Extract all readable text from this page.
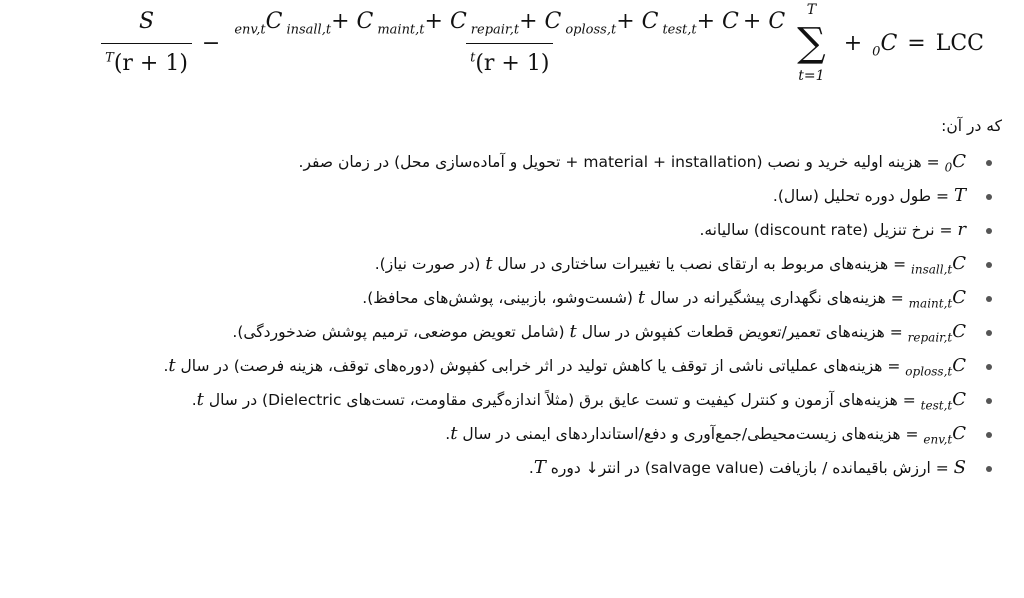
$\frac{S}{^T(r + 1)}$ −
$_{env,t}$C $_{insall,t}$+ C $_{maint,t}$+ C $_{repair,t}$+ C $_{oploss,t}$+ C $_{test,t}$+ C + C
$^t$(r + 1)
T
∑
t=1
+ $_0$C = LCC
که در آن:
$_0$C = هزینه اولیه خرید و نصب (material + installation + تحویل و آماده‌سازی محل) در زمان صفر.
T = طول دوره تحلیل (سال).
r = نرخ تنزیل (discount rate) سالیانه.
$_{insall,t}$C = هزینه‌های مربوط به ارتقای نصب یا تغییرات ساختاری در سال t (در صورت نیاز).
$_{maint,t}$C = هزینه‌های نگهداری پیشگیرانه در سال t (شست‌وشو، بازبینی، پوشش‌های محافظ).
$_{repair,t}$C = هزینه‌های تعمیر/تعویض قطعات کفپوش در سال t (شامل تعویض موضعی، ترمیم پوشش ضدخوردگی).
$_{oploss,t}$C = هزینه‌های عملیاتی ناشی از توقف یا کاهش تولید در اثر خرابی کفپوش (دوره‌های توقف، هزینه فرصت) در سال t.
$_{test,t}$C = هزینه‌های آزمون و کنترل کیفیت و تست عایق برق (مثلاً اندازه‌گیری مقاومت، تست‌های Dielectric) در سال t.
$_{env,t}$C = هزینه‌های زیست‌محیطی/جمع‌آوری و دفع/استانداردهای ایمنی در سال t.
S = ارزش باقیمانده / بازیافت (salvage value) در انتر↓ دوره T.
